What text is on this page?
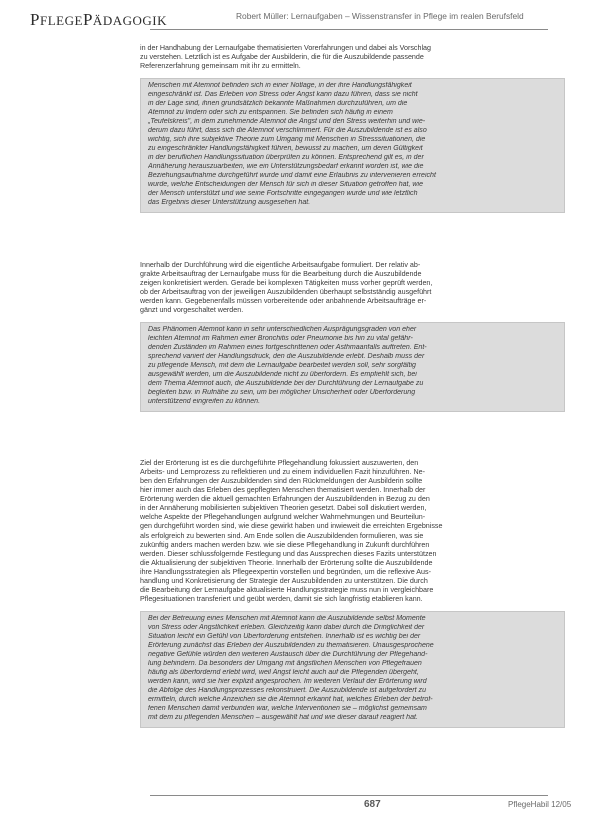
PFLEGEPÄDAGOGIK	Robert Müller: Lernaufgaben – Wissenstransfer in Pflege im realen Berufsfeld
in der Handhabung der Lernaufgabe thematisierten Vorerfahrungen und dabei als Vorschlag
zu verstehen. Letztlich ist es Aufgabe der Ausbilderin, die für die Auszubildende passende
Referenzerfahrung gemeinsam mit ihr zu ermitteln.
Menschen mit Atemnot befinden sich in einer Notlage, in der ihre Handlungsfähigkeit
eingeschränkt ist. Das Erleben von Stress oder Angst kann dazu führen, dass sie nicht
in der Lage sind, ihnen grundsätzlich bekannte Maßnahmen durchzuführen, um die
Atemnot zu lindern oder sich zu entspannen. Sie befinden sich häufig in einem
„Teufelskreis", in dem zunehmende Atemnot die Angst und den Stress weiterhin und wie-
derum dazu führt, dass sich die Atemnot verschlimmert. Für die Auszubildende ist es also
wichtig, sich ihre subjektive Theorie zum Umgang mit Menschen in Stresssituationen, die
zu eingeschränkter Handlungsfähigkeit führen, bewusst zu machen, um deren Gültigkeit
in der beruflichen Handlungssituation überprüfen zu können. Entsprechend gilt es, in der
Annäherung herauszuarbeiten, wie ein Unterstützungsbedarf erkannt worden ist, wie die
Beziehungsaufnahme durchgeführt wurde und damit eine Erlaubnis zu intervenieren erreicht
wurde, welche Entscheidungen der Mensch für sich in dieser Situation getroffen hat, wie
der Mensch unterstützt und wie seine Fortschritte eingegangen wurde und wie letztlich
das Ergebnis dieser Unterstützung ausgesehen hat.
Innerhalb der Durchführung wird die eigentliche Arbeitsaufgabe formuliert. Der relativ ab-
grakte Arbeitsauftrag der Lernaufgabe muss für die Bearbeitung durch die Auszubildende
zeigen konkretisiert werden. Gerade bei komplexen Tätigkeiten muss vorher geprüft werden,
ob der Arbeitsauftrag von der jeweiligen Auszubildenden überhaupt selbstständig ausgeführt
werden kann. Gegebenenfalls müssen vorbereitende oder anbahnende Arbeitsaufträge er-
gänzt und vorgeschaltet werden.
Das Phänomen Atemnot kann in sehr unterschiedlichen Ausprägungsgraden von eher
leichten Atemnot im Rahmen einer Bronchitis oder Pneumonie bis hin zu vital gefähr-
denden Zuständen im Rahmen eines fortgeschrittenen oder Asthmaanfalls auftreten. Ent-
sprechend variiert der Handlungsdruck, den die Auszubildende erlebt. Deshalb muss der
zu pflegende Mensch, mit dem die Lernaufgabe bearbeitet werden soll, sehr sorgfältig
ausgewählt werden, um die Auszubildende nicht zu überfordern. Es empfiehlt sich, bei
dem Thema Atemnot auch, die Auszubildende bei der Durchführung der Lernaufgabe zu
begleiten bzw. in Rufnähe zu sein, um bei möglicher Unsicherheit oder Überforderung
unterstützend eingreifen zu können.
Ziel der Erörterung ist es die durchgeführte Pflegehandlung fokussiert auszuwerten, den
Arbeits- und Lernprozess zu reflektieren und zu einem individuellen Fazit hinzuführen. Ne-
ben den Erfahrungen der Auszubildenden sind den Rückmeldungen der Ausbilderin sollte
hier immer auch das Erleben des gepflegten Menschen thematisiert werden. Innerhalb der
Erörterung werden die aktuell gemachten Erfahrungen der Auszubildenden in Bezug zu den
in der Annäherung mobilisierten subjektiven Theorien gesetzt. Dabei soll diskutiert werden,
welche Aspekte der Pflegehandlungen aufgrund welcher Wahrnehmungen und Beurteilun-
gen durchgeführt worden sind, wie diese gewirkt haben und inwieweit die erreichten Ergebnisse
als erfolgreich zu bewerten sind. Am Ende sollen die Auszubildenden formulieren, was sie
zukünftig anders machen werden bzw. wie sie diese Pflegehandlung in Zukunft durchführen
werden. Dieser schlussfolgernde Festlegung und das Aussprechen dieses Fazits unterstützen
die Aktualisierung der subjektiven Theorie. Innerhalb der Erörterung sollte die Auszubildende
ihre Handlungsstrategien als Pflegeexpertin vorstellen und begründen, um die reflexive Aus-
handlung und Konkretisierung der Strategie der Auszubildenden zu unterstützen. Die durch
die Bearbeitung der Lernaufgabe aktualisierte Handlungsstrategie muss nun in vergleichbare
Pflegesituationen transferiert und geübt werden, damit sie sich langfristig etablieren kann.
Bei der Betreuung eines Menschen mit Atemnot kann die Auszubildende selbst Momente
von Stress oder Angstlichkeit erleben. Gleichzeitig kann dabei durch die Dringlichkeit der
Situation leicht ein Gefühl von Überforderung entstehen. Innerhalb ist es wichtig bei der
Erörterung zunächst das Erleben der Auszubildenden zu thematisieren. Unausgesprochene
negative Gefühle würden den weiteren Austausch über die Durchführung der Pflegehand-
lung behindern. Da besonders der Umgang mit ängstlichen Menschen von Pflegefrauen
häufig als überfordernd erlebt wird, weil Angst leicht auch auf die Pflegenden übergeht,
werden kann, wird sie hier explizit angesprochen. Im weiteren Verlauf der Erörterung wird
die Abfolge des Handlungsprozesses rekonstruiert. Die Auszubildende ist aufgefordert zu
ermitteln, durch welche Anzeichen sie die Atemnot erkannt hat, welches Erleben der betrof-
fenen Menschen damit verbunden war, welche Interventionen sie – möglichst gemeinsam
mit dem zu pflegenden Menschen – ausgewählt hat und wie dieser darauf reagiert hat.
687	PflegeHabil 12/05
